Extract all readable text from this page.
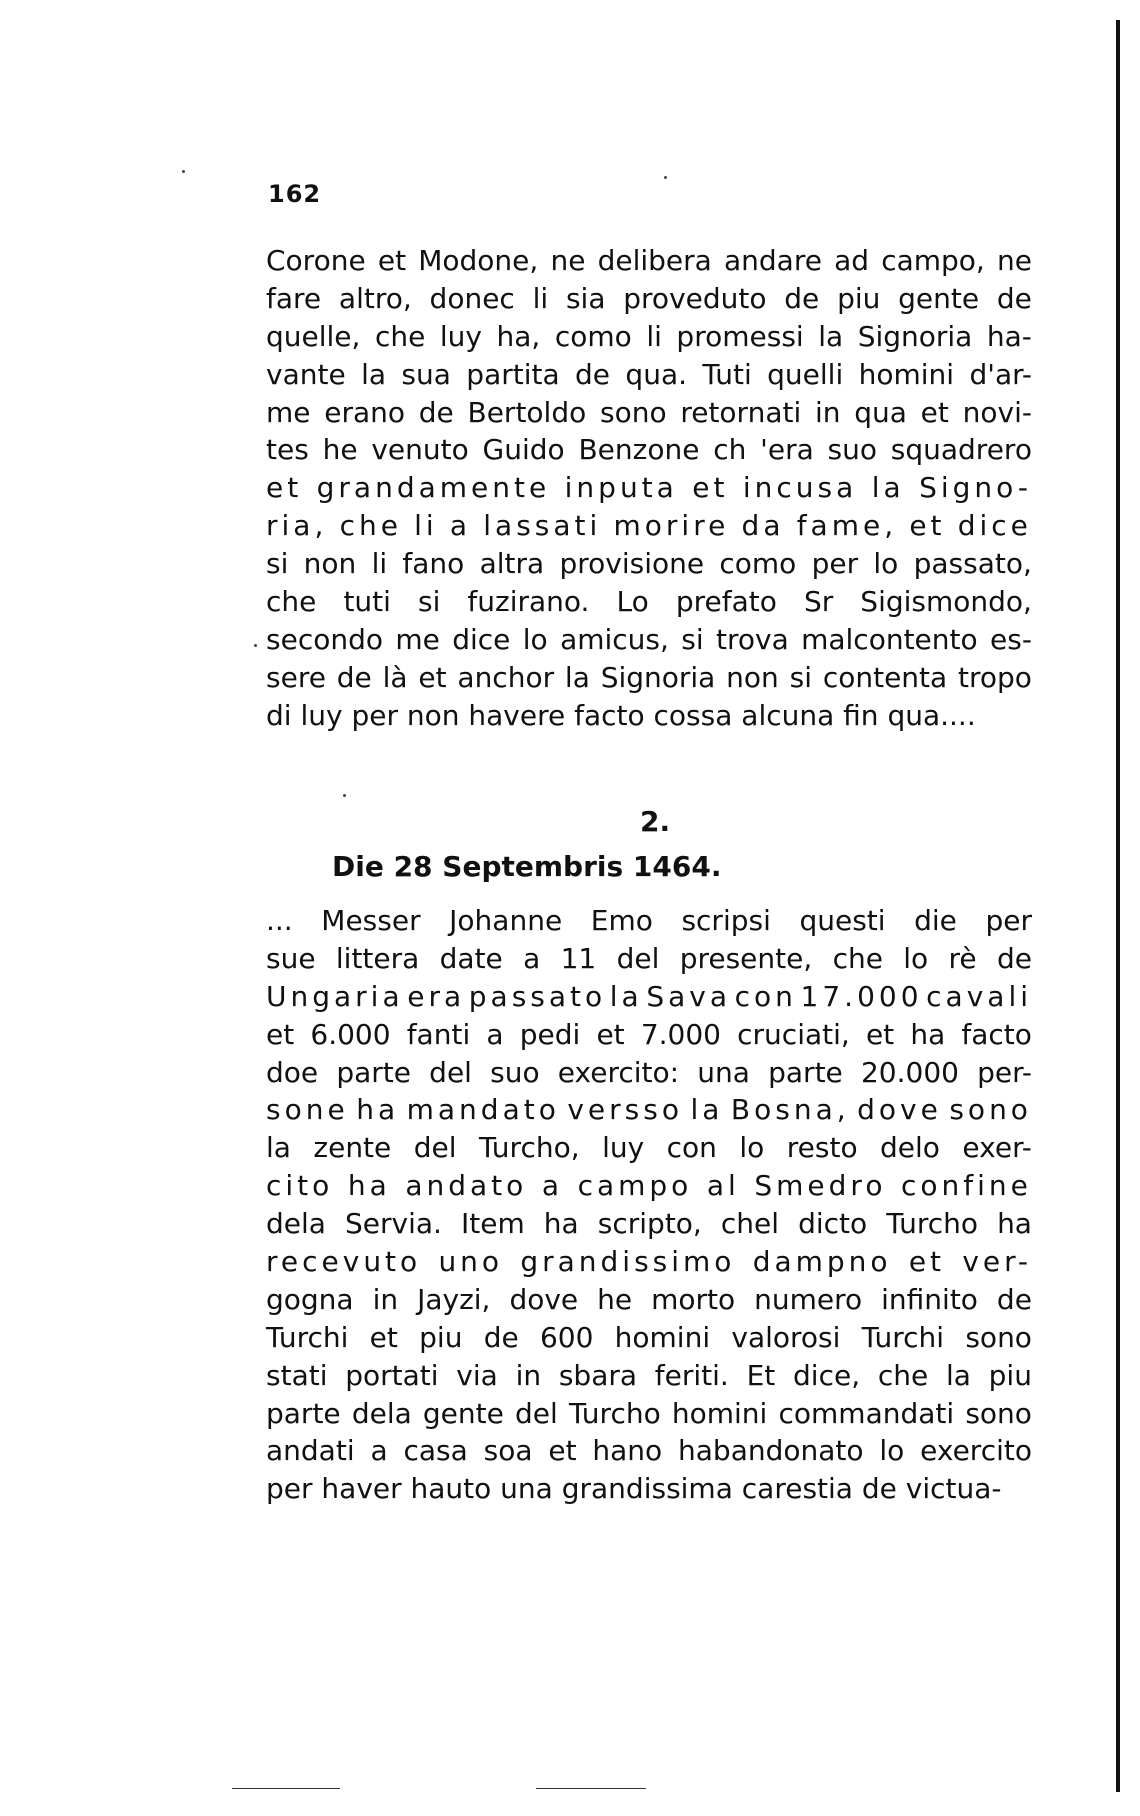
162
Corone et Modone, ne delibera andare ad campo, ne
fare altro, donec li sia proveduto de piu gente de
quelle, che luy ha, como li promessi la Signoria ha-
vante la sua partita de qua. Tuti quelli homini d'ar-
me erano de Bertoldo sono retornati in qua et novi-
tes he venuto Guido Benzone ch 'era suo squadrero
et grandamente inputa et incusa la Signo-
ria, che li a lassati morire da fame, et dice
si non li fano altra provisione como per lo passato,
che tuti si fuzirano. Lo prefato Sr Sigismondo,
secondo me dice lo amicus, si trova malcontento es-
sere de là et anchor la Signoria non si contenta tropo
di luy per non havere facto cossa alcuna fin qua....
2.
Die 28 Septembris 1464.
... Messer Johanne Emo scripsi questi die per
sue littera date a 11 del presente, che lo rè de
Ungaria era passato la Sava con 17.000 cavali
et 6.000 fanti a pedi et 7.000 cruciati, et ha facto
doe parte del suo exercito: una parte 20.000 per-
sone ha mandato versso la Bosna, dove sono
la zente del Turcho, luy con lo resto delo exer-
cito ha andato a campo al Smedro confine
dela Servia. Item ha scripto, chel dicto Turcho ha
recevuto uno grandissimo dampno et ver-
gogna in Jayzi, dove he morto numero infinito de
Turchi et piu de 600 homini valorosi Turchi sono
stati portati via in sbara feriti. Et dice, che la piu
parte dela gente del Turcho homini commandati sono
andati a casa soa et hano habandonato lo exercito
per haver hauto una grandissima carestia de victua-
